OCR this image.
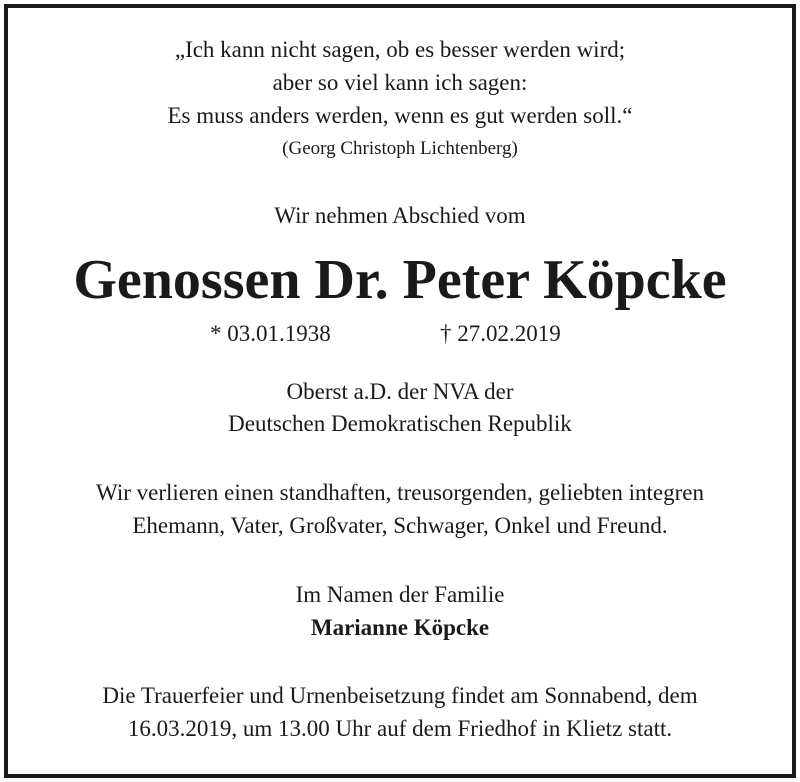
„Ich kann nicht sagen, ob es besser werden wird;
aber so viel kann ich sagen:
Es muss anders werden, wenn es gut werden soll.“
(Georg Christoph Lichtenberg)
Wir nehmen Abschied vom
Genossen Dr. Peter Köpcke
* 03.01.1938	† 27.02.2019
Oberst a.D. der NVA der
Deutschen Demokratischen Republik
Wir verlieren einen standhaften, treusorgenden, geliebten integren
Ehemann, Vater, Großvater, Schwager, Onkel und Freund.
Im Namen der Familie
Marianne Köpcke
Die Trauerfeier und Urnenbeisetzung findet am Sonnabend, dem
16.03.2019, um 13.00 Uhr auf dem Friedhof in Klietz statt.
